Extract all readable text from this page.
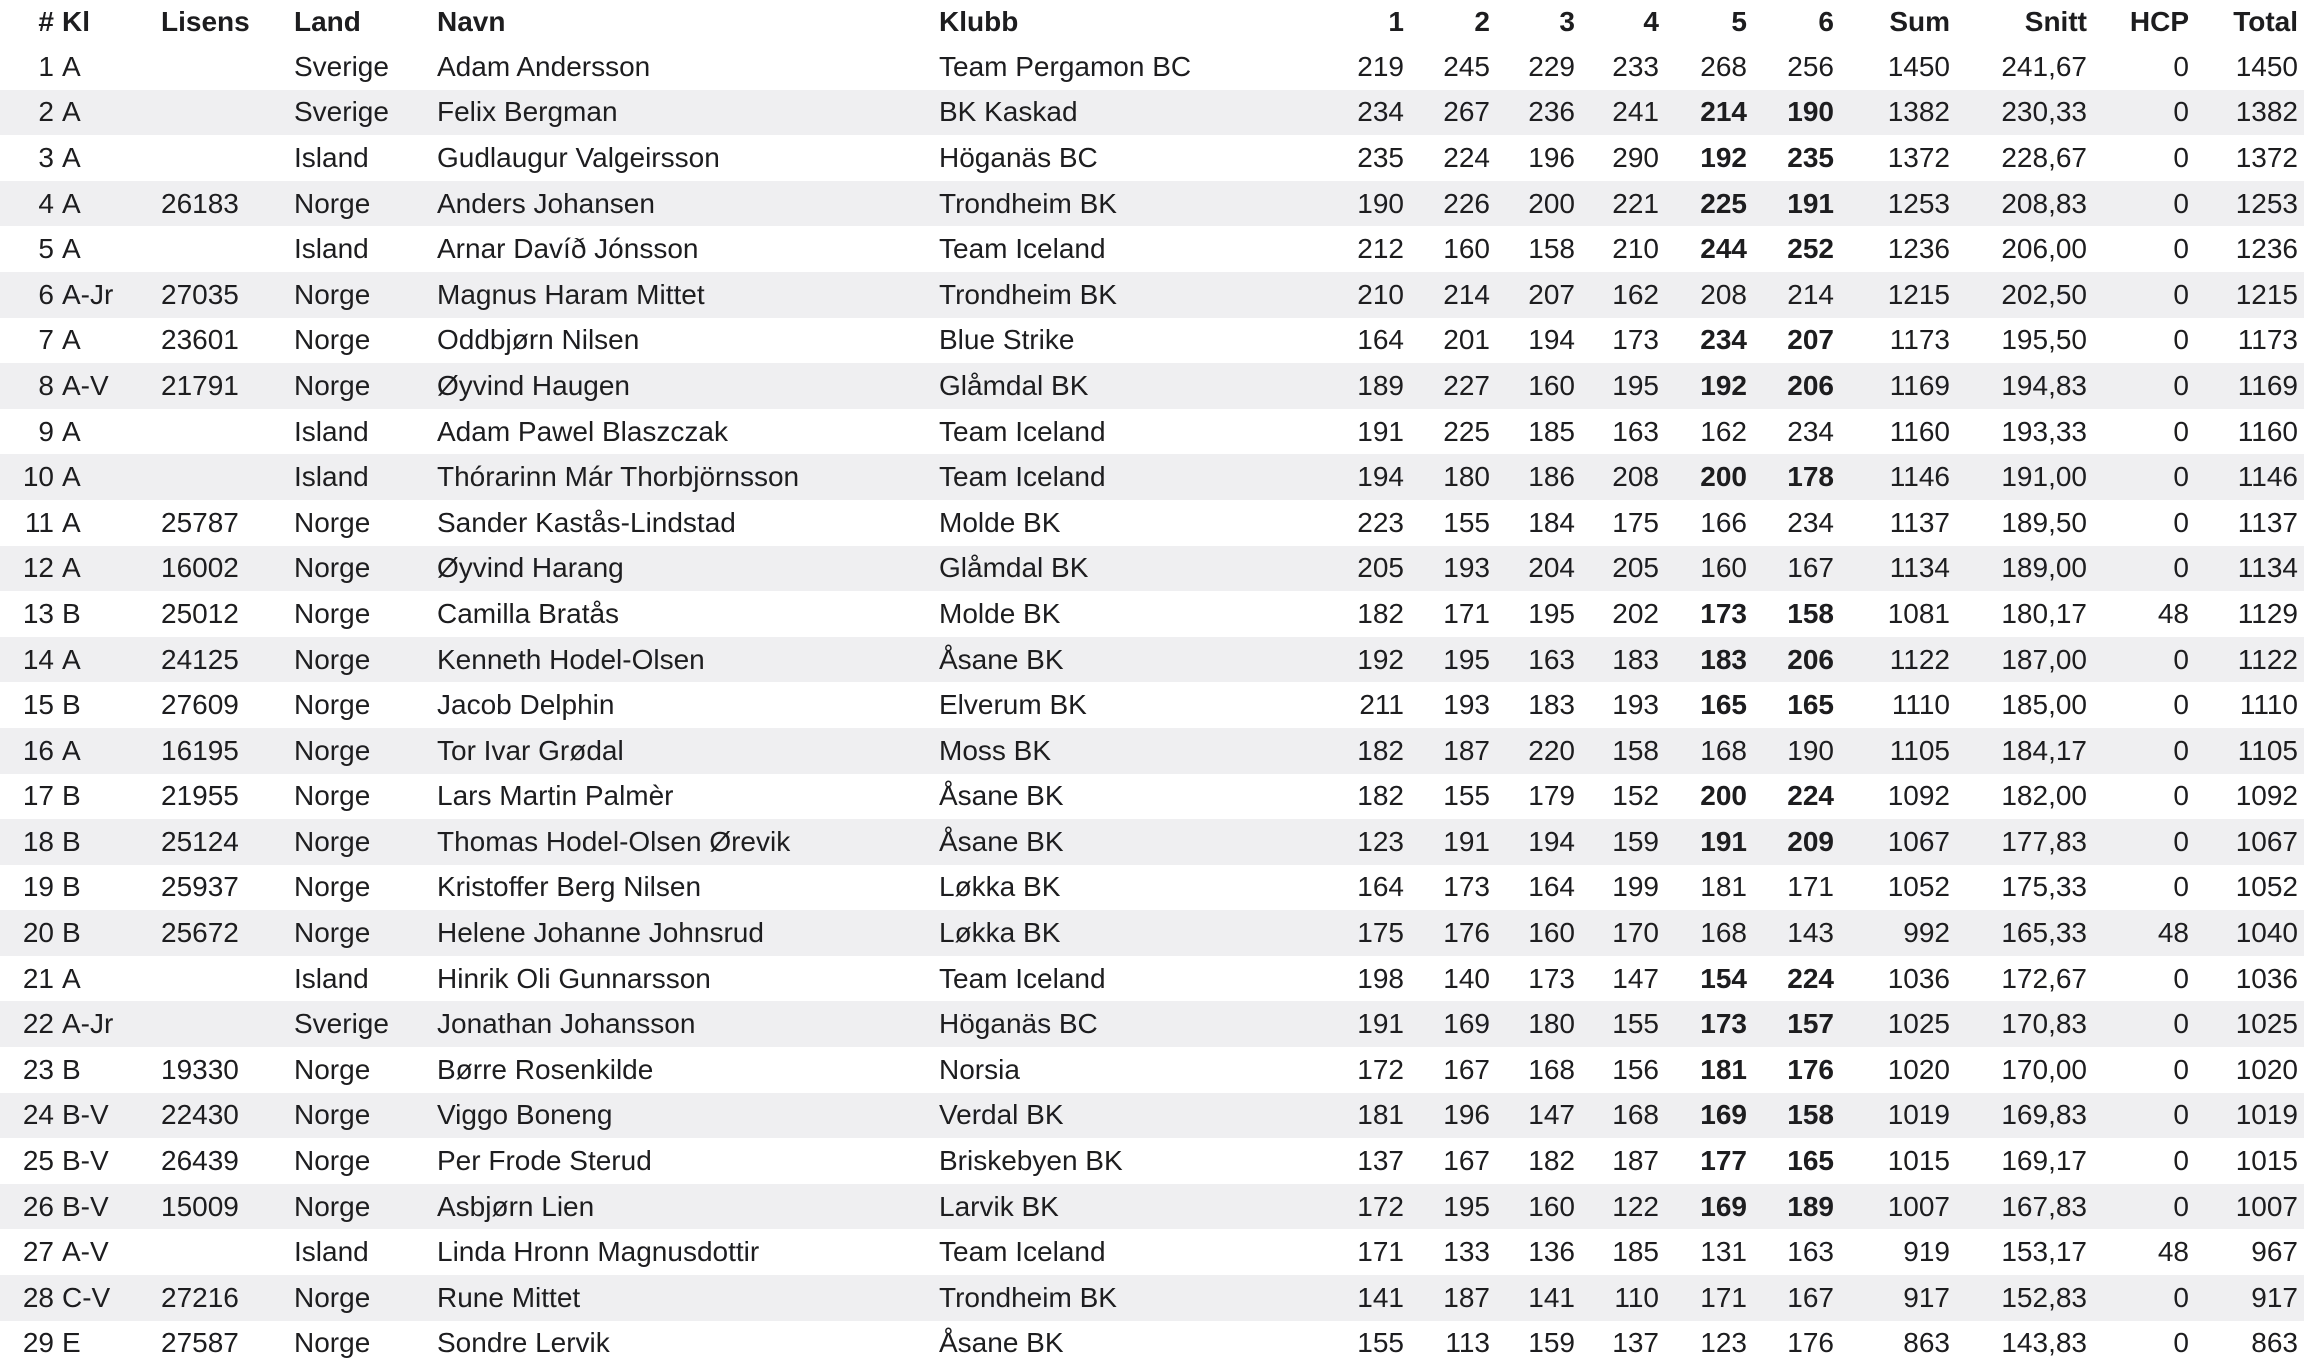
#	Kl	Lisens	Land	Navn	Klubb	1	2	3	4	5	6	Sum	Snitt	HCP	Total
1	A		Sverige	Adam Andersson	Team Pergamon BC	219	245	229	233	268	256	1450	241,67	0	1450
2	A		Sverige	Felix Bergman	BK Kaskad	234	267	236	241	214	190	1382	230,33	0	1382
3	A		Island	Gudlaugur Valgeirsson	Höganäs BC	235	224	196	290	192	235	1372	228,67	0	1372
4	A	26183	Norge	Anders Johansen	Trondheim BK	190	226	200	221	225	191	1253	208,83	0	1253
5	A		Island	Arnar Davíð Jónsson	Team Iceland	212	160	158	210	244	252	1236	206,00	0	1236
6	A-Jr	27035	Norge	Magnus Haram Mittet	Trondheim BK	210	214	207	162	208	214	1215	202,50	0	1215
7	A	23601	Norge	Oddbjørn Nilsen	Blue Strike	164	201	194	173	234	207	1173	195,50	0	1173
8	A-V	21791	Norge	Øyvind Haugen	Glåmdal BK	189	227	160	195	192	206	1169	194,83	0	1169
9	A		Island	Adam Pawel Blaszczak	Team Iceland	191	225	185	163	162	234	1160	193,33	0	1160
10	A		Island	Thórarinn Már Thorbjörnsson	Team Iceland	194	180	186	208	200	178	1146	191,00	0	1146
11	A	25787	Norge	Sander Kastås-Lindstad	Molde BK	223	155	184	175	166	234	1137	189,50	0	1137
12	A	16002	Norge	Øyvind Harang	Glåmdal BK	205	193	204	205	160	167	1134	189,00	0	1134
13	B	25012	Norge	Camilla Bratås	Molde BK	182	171	195	202	173	158	1081	180,17	48	1129
14	A	24125	Norge	Kenneth Hodel-Olsen	Åsane BK	192	195	163	183	183	206	1122	187,00	0	1122
15	B	27609	Norge	Jacob Delphin	Elverum BK	211	193	183	193	165	165	1110	185,00	0	1110
16	A	16195	Norge	Tor Ivar Grødal	Moss BK	182	187	220	158	168	190	1105	184,17	0	1105
17	B	21955	Norge	Lars Martin Palmèr	Åsane BK	182	155	179	152	200	224	1092	182,00	0	1092
18	B	25124	Norge	Thomas Hodel-Olsen Ørevik	Åsane BK	123	191	194	159	191	209	1067	177,83	0	1067
19	B	25937	Norge	Kristoffer Berg Nilsen	Løkka BK	164	173	164	199	181	171	1052	175,33	0	1052
20	B	25672	Norge	Helene Johanne Johnsrud	Løkka BK	175	176	160	170	168	143	992	165,33	48	1040
21	A		Island	Hinrik Oli Gunnarsson	Team Iceland	198	140	173	147	154	224	1036	172,67	0	1036
22	A-Jr		Sverige	Jonathan Johansson	Höganäs BC	191	169	180	155	173	157	1025	170,83	0	1025
23	B	19330	Norge	Børre Rosenkilde	Norsia	172	167	168	156	181	176	1020	170,00	0	1020
24	B-V	22430	Norge	Viggo Boneng	Verdal BK	181	196	147	168	169	158	1019	169,83	0	1019
25	B-V	26439	Norge	Per Frode Sterud	Briskebyen BK	137	167	182	187	177	165	1015	169,17	0	1015
26	B-V	15009	Norge	Asbjørn Lien	Larvik BK	172	195	160	122	169	189	1007	167,83	0	1007
27	A-V		Island	Linda Hronn Magnusdottir	Team Iceland	171	133	136	185	131	163	919	153,17	48	967
28	C-V	27216	Norge	Rune Mittet	Trondheim BK	141	187	141	110	171	167	917	152,83	0	917
29	E	27587	Norge	Sondre Lervik	Åsane BK	155	113	159	137	123	176	863	143,83	0	863
